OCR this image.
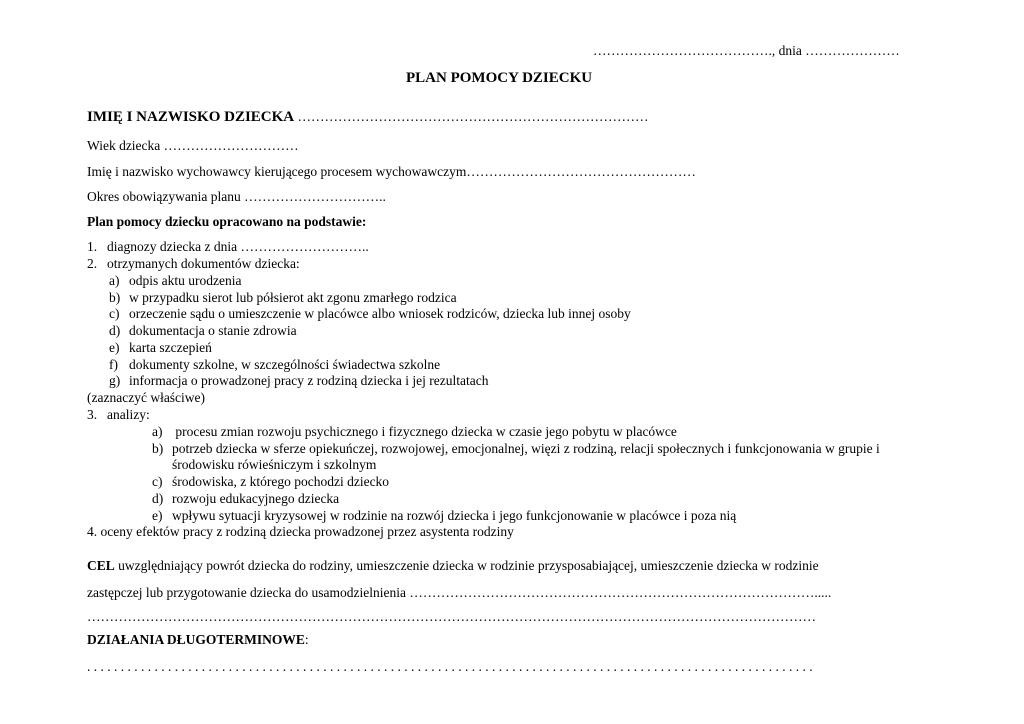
…………………………………., dnia …………………
PLAN POMOCY DZIECKU
IMIĘ I NAZWISKO DZIECKA ……………………………………………………………………
Wiek dziecka …………………………
Imię i nazwisko wychowawcy kierującego procesem wychowawczym……………………………………………
Okres obowiązywania planu …………………………..
Plan pomocy dziecku opracowano na podstawie:
1. diagnozy dziecka z dnia ………………………..
2. otrzymanych dokumentów dziecka:
a) odpis aktu urodzenia
b) w przypadku sierot lub półsierot akt zgonu zmarłego rodzica
c) orzeczenie sądu o umieszczenie w placówce albo wniosek rodziców, dziecka lub innej osoby
d) dokumentacja o stanie zdrowia
e) karta szczepień
f) dokumenty szkolne, w szczególności świadectwa szkolne
g) informacja o prowadzonej pracy z rodziną dziecka i jej rezultatach
(zaznaczyć właściwe)
3. analizy:
a) procesu zmian rozwoju psychicznego i fizycznego dziecka w czasie jego pobytu w placówce
b) potrzeb dziecka w sferze opiekuńczej, rozwojowej, emocjonalnej, więzi z rodziną, relacji społecznych i funkcjonowania w grupie i
środowisku rówieśniczym i szkolnym
c) środowiska, z którego pochodzi dziecko
d) rozwoju edukacyjnego dziecka
e) wpływu sytuacji kryzysowej w rodzinie na rozwój dziecka i jego funkcjonowanie w placówce i poza nią
4. oceny efektów pracy z rodziną dziecka prowadzonej przez asystenta rodziny
CEL uwzględniający powrót dziecka do rodziny, umieszczenie dziecka w rodzinie przysposabiającej, umieszczenie dziecka w rodzinie
zastępczej lub przygotowanie dziecka do usamodzielnienia ……………………………………………………………………………….....
………………………………………………………………………………………………………………………………………………
DZIAŁANIA DŁUGOTERMINOWE:
. . . . . . . . . . . . . . . . . . . . . . . . . . . . . . . . . . . . . . . . . . . . . . . . . . . . . . . . . . . . . . . . . . . . . . . . . . . . . . . . . . . . . . . . . . . . . . . . . . . . . . . . . . . .
